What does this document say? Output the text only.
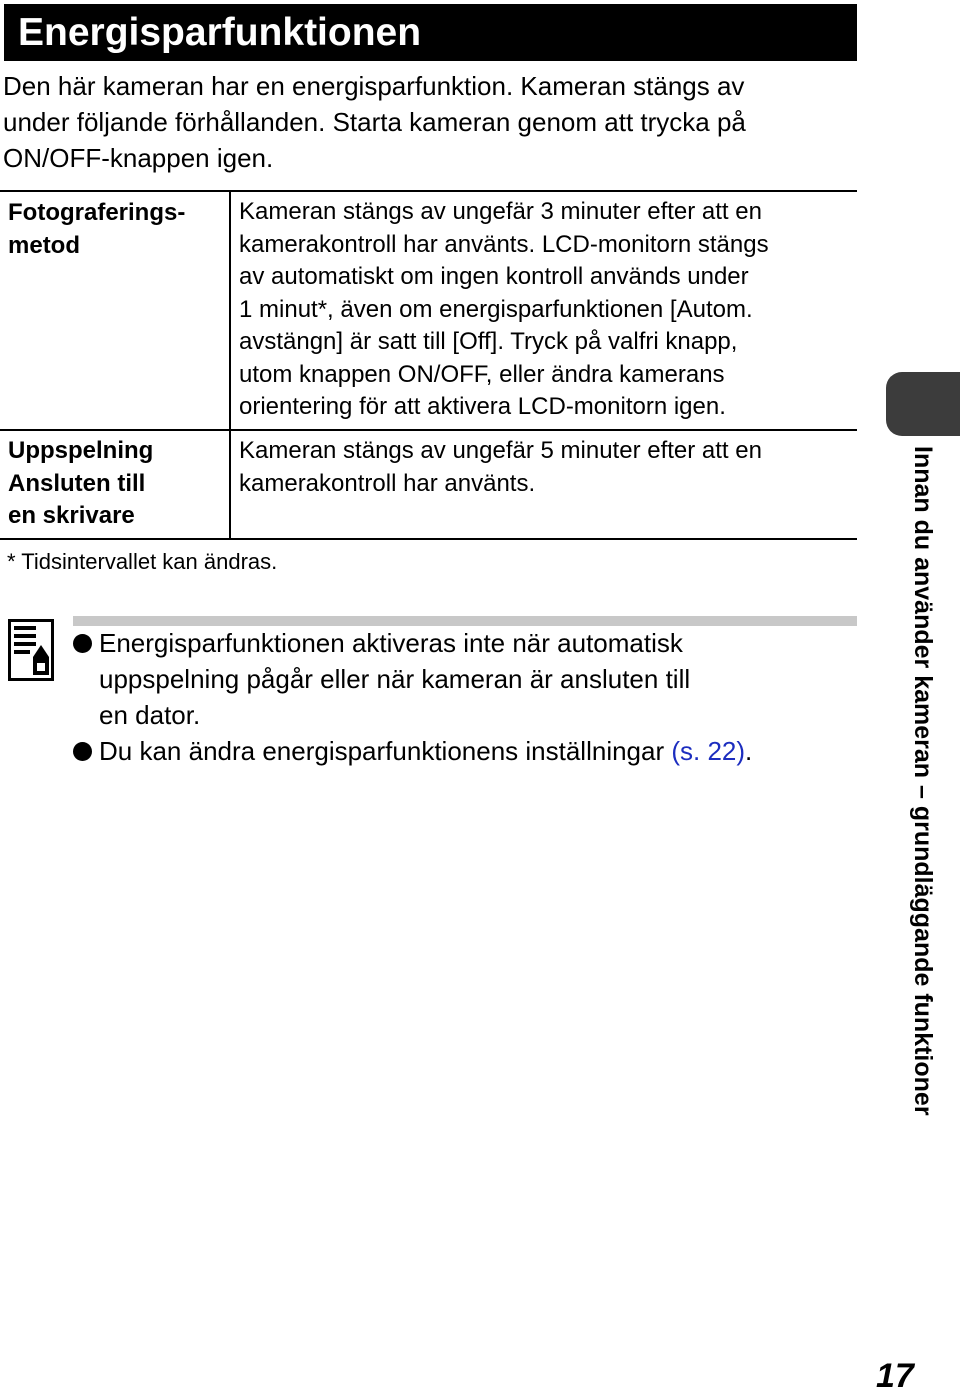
Energisparfunktionen

Den här kameran har en energisparfunktion. Kameran stängs av
under följande förhållanden. Starta kameran genom att trycka på
ON/OFF-knappen igen.

Fotograferings-
metod
Kameran stängs av ungefär 3 minuter efter att en
kamerakontroll har använts. LCD-monitorn stängs
av automatiskt om ingen kontroll används under
1 minut*, även om energisparfunktionen [Autom.
avstängn] är satt till [Off]. Tryck på valfri knapp,
utom knappen ON/OFF, eller ändra kamerans
orientering för att aktivera LCD-monitorn igen.
Uppspelning
Ansluten till
en skrivare
Kameran stängs av ungefär 5 minuter efter att en
kamerakontroll har använts.
* Tidsintervallet kan ändras.
Energisparfunktionen aktiveras inte när automatisk
uppspelning pågår eller när kameran är ansluten till
en dator.
Du kan ändra energisparfunktionens inställningar (s. 22).	Innan du använder kameran – grundläggande funktioner
17
